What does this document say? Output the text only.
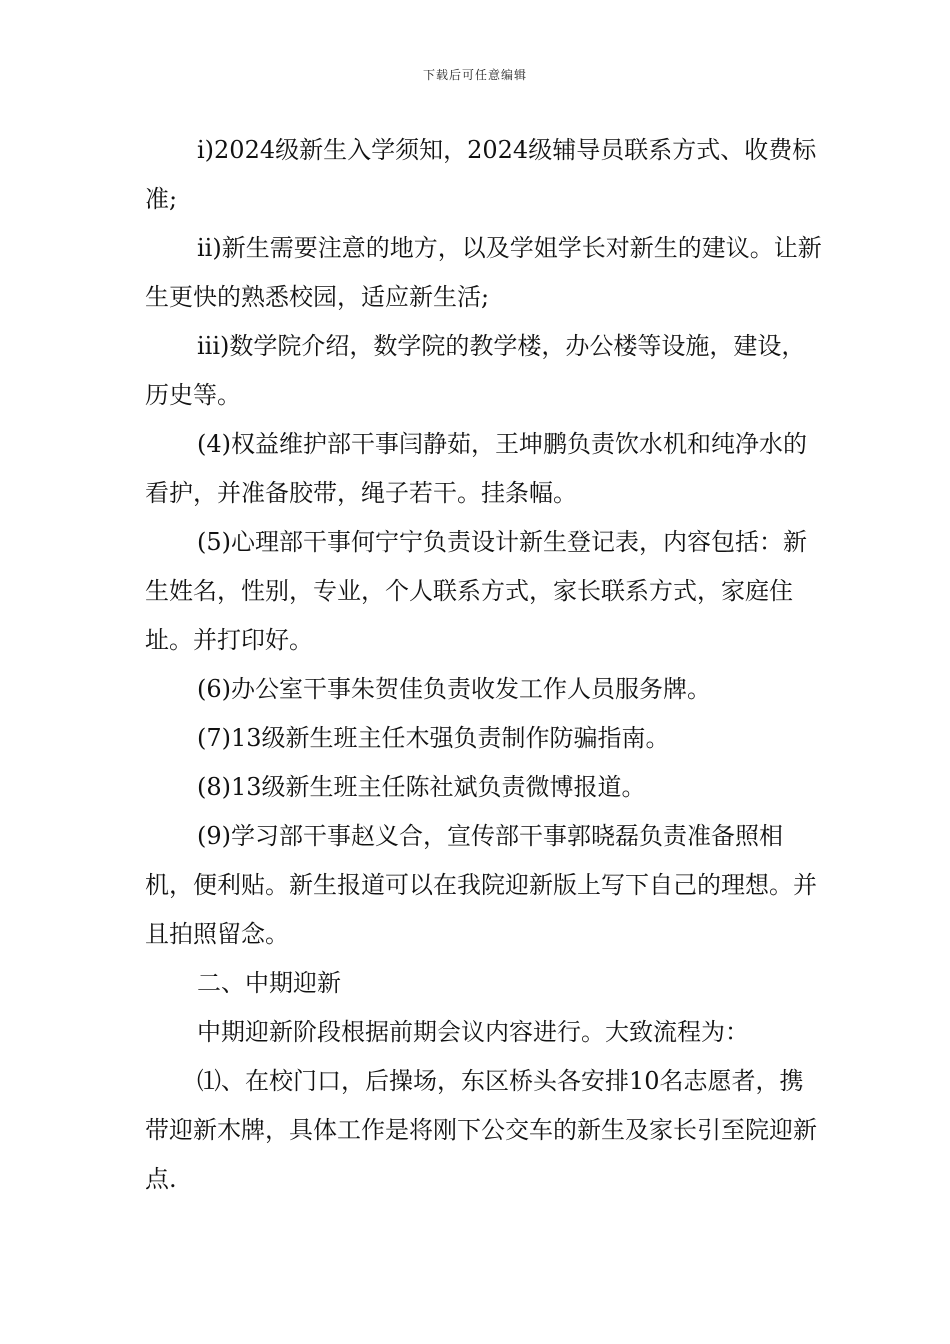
下载后可任意编辑

i)2024级新生入学须知，2024级辅导员联系方式、收费标准;

ii)新生需要注意的地方，以及学姐学长对新生的建议。让新生更快的熟悉校园，适应新生活;

iii)数学院介绍，数学院的教学楼，办公楼等设施，建设，历史等。

(4)权益维护部干事闫静茹，王坤鹏负责饮水机和纯净水的看护，并准备胶带，绳子若干。挂条幅。

(5)心理部干事何宁宁负责设计新生登记表，内容包括：新生姓名，性别，专业，个人联系方式，家长联系方式，家庭住址。并打印好。

(6)办公室干事朱贺佳负责收发工作人员服务牌。

(7)13级新生班主任木强负责制作防骗指南。

(8)13级新生班主任陈社斌负责微博报道。

(9)学习部干事赵义合，宣传部干事郭晓磊负责准备照相机，便利贴。新生报道可以在我院迎新版上写下自己的理想。并且拍照留念。

二、中期迎新

中期迎新阶段根据前期会议内容进行。大致流程为：

⑴、在校门口，后操场，东区桥头各安排10名志愿者，携带迎新木牌，具体工作是将刚下公交车的新生及家长引至院迎新点.
